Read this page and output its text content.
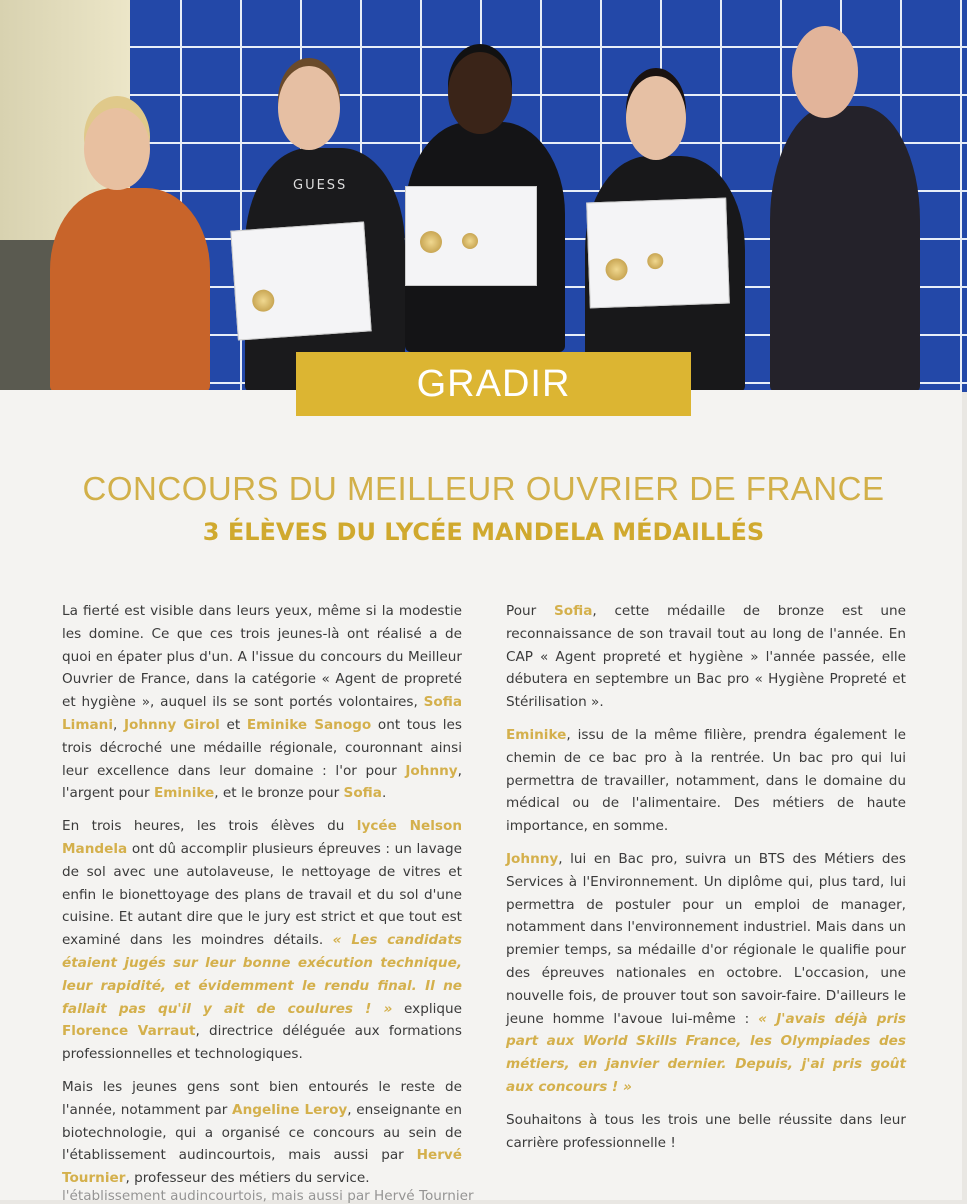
GUESS
GRADIR
CONCOURS DU MEILLEUR OUVRIER DE FRANCE
3 ÉLÈVES DU LYCÉE MANDELA MÉDAILLÉS

La fierté est visible dans leurs yeux, même si la modestie les domine. Ce que ces trois jeunes-là ont réalisé a de quoi en épater plus d'un. A l'issue du concours du Meilleur Ouvrier de France, dans la catégorie « Agent de propreté et hygiène », auquel ils se sont portés volontaires, Sofia Limani, Johnny Girol et Eminike Sanogo ont tous les trois décroché une médaille régionale, couronnant ainsi leur excellence dans leur domaine : l'or pour Johnny, l'argent pour Eminike, et le bronze pour Sofia.

En trois heures, les trois élèves du lycée Nelson Mandela ont dû accomplir plusieurs épreuves : un lavage de sol avec une autolaveuse, le nettoyage de vitres et enfin le bionettoyage des plans de travail et du sol d'une cuisine. Et autant dire que le jury est strict et que tout est examiné dans les moindres détails. « Les candidats étaient jugés sur leur bonne exécution technique, leur rapidité, et évidemment le rendu final. Il ne fallait pas qu'il y ait de coulures ! » explique Florence Varraut, directrice déléguée aux formations professionnelles et technologiques.

Mais les jeunes gens sont bien entourés le reste de l'année, notamment par Angeline Leroy, enseignante en biotechnologie, qui a organisé ce concours au sein de l'établissement audincourtois, mais aussi par Hervé Tournier, professeur des métiers du service.

Pour Sofia, cette médaille de bronze est une reconnaissance de son travail tout au long de l'année. En CAP « Agent propreté et hygiène » l'année passée, elle débutera en septembre un Bac pro « Hygiène Propreté et Stérilisation ».

Eminike, issu de la même filière, prendra également le chemin de ce bac pro à la rentrée. Un bac pro qui lui permettra de travailler, notamment, dans le domaine du médical ou de l'alimentaire. Des métiers de haute importance, en somme.

Johnny, lui en Bac pro, suivra un BTS des Métiers des Services à l'Environnement. Un diplôme qui, plus tard, lui permettra de postuler pour un emploi de manager, notamment dans l'environnement industriel. Mais dans un premier temps, sa médaille d'or régionale le qualifie pour des épreuves nationales en octobre. L'occasion, une nouvelle fois, de prouver tout son savoir-faire. D'ailleurs le jeune homme l'avoue lui-même : « J'avais déjà pris part aux World Skills France, les Olympiades des métiers, en janvier dernier. Depuis, j'ai pris goût aux concours ! »

Souhaitons à tous les trois une belle réussite dans leur carrière professionnelle !

l'établissement audincourtois, mais aussi par Hervé Tournier
